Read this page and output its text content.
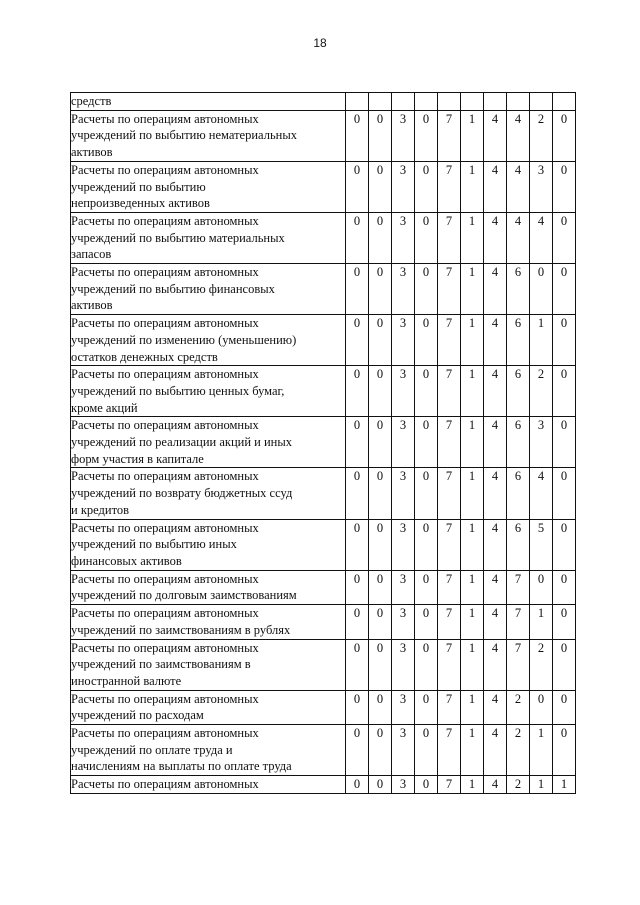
18
средств										

Расчеты по операциям автономных
учреждений по выбытию нематериальных
активов	0	0	3	0	7	1	4	4	2	0

Расчеты по операциям автономных
учреждений по выбытию
непроизведенных активов	0	0	3	0	7	1	4	4	3	0

Расчеты по операциям автономных
учреждений по выбытию материальных
запасов	0	0	3	0	7	1	4	4	4	0

Расчеты по операциям автономных
учреждений по выбытию финансовых
активов	0	0	3	0	7	1	4	6	0	0

Расчеты по операциям автономных
учреждений по изменению (уменьшению)
остатков денежных средств	0	0	3	0	7	1	4	6	1	0

Расчеты по операциям автономных
учреждений по выбытию ценных бумаг,
кроме акций	0	0	3	0	7	1	4	6	2	0

Расчеты по операциям автономных
учреждений по реализации акций и иных
форм участия в капитале	0	0	3	0	7	1	4	6	3	0

Расчеты по операциям автономных
учреждений по возврату бюджетных ссуд
и кредитов	0	0	3	0	7	1	4	6	4	0

Расчеты по операциям автономных
учреждений по выбытию иных
финансовых активов	0	0	3	0	7	1	4	6	5	0

Расчеты по операциям автономных
учреждений по долговым заимствованиям	0	0	3	0	7	1	4	7	0	0

Расчеты по операциям автономных
учреждений по заимствованиям в рублях	0	0	3	0	7	1	4	7	1	0

Расчеты по операциям автономных
учреждений по заимствованиям в
иностранной валюте	0	0	3	0	7	1	4	7	2	0

Расчеты по операциям автономных
учреждений по расходам	0	0	3	0	7	1	4	2	0	0

Расчеты по операциям автономных
учреждений по оплате труда и
начислениям на выплаты по оплате труда	0	0	3	0	7	1	4	2	1	0

Расчеты по операциям автономных	0	0	3	0	7	1	4	2	1	1
